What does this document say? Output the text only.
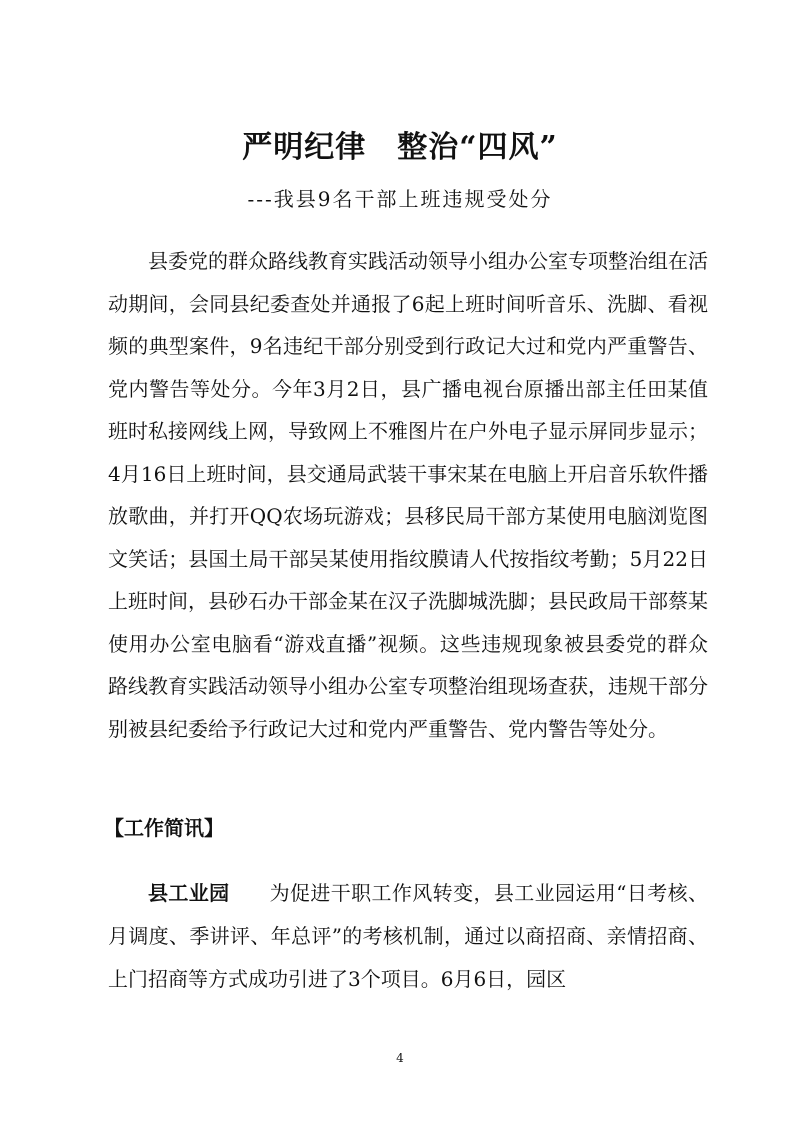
严明纪律　整治“四风”
---我县9名干部上班违规受处分

县委党的群众路线教育实践活动领导小组办公室专项整治组在活动期间，会同县纪委查处并通报了6起上班时间听音乐、洗脚、看视频的典型案件，9名违纪干部分别受到行政记大过和党内严重警告、党内警告等处分。今年3月2日，县广播电视台原播出部主任田某值班时私接网线上网，导致网上不雅图片在户外电子显示屏同步显示；4月16日上班时间，县交通局武装干事宋某在电脑上开启音乐软件播放歌曲，并打开QQ农场玩游戏；县移民局干部方某使用电脑浏览图文笑话；县国土局干部吴某使用指纹膜请人代按指纹考勤；5月22日上班时间，县砂石办干部金某在汉子洗脚城洗脚；县民政局干部蔡某使用办公室电脑看“游戏直播”视频。这些违规现象被县委党的群众路线教育实践活动领导小组办公室专项整治组现场查获，违规干部分别被县纪委给予行政记大过和党内严重警告、党内警告等处分。

【工作简讯】

县工业园 为促进干职工作风转变，县工业园运用“日考核、月调度、季讲评、年总评”的考核机制，通过以商招商、亲情招商、上门招商等方式成功引进了3个项目。6月6日，园区

4
